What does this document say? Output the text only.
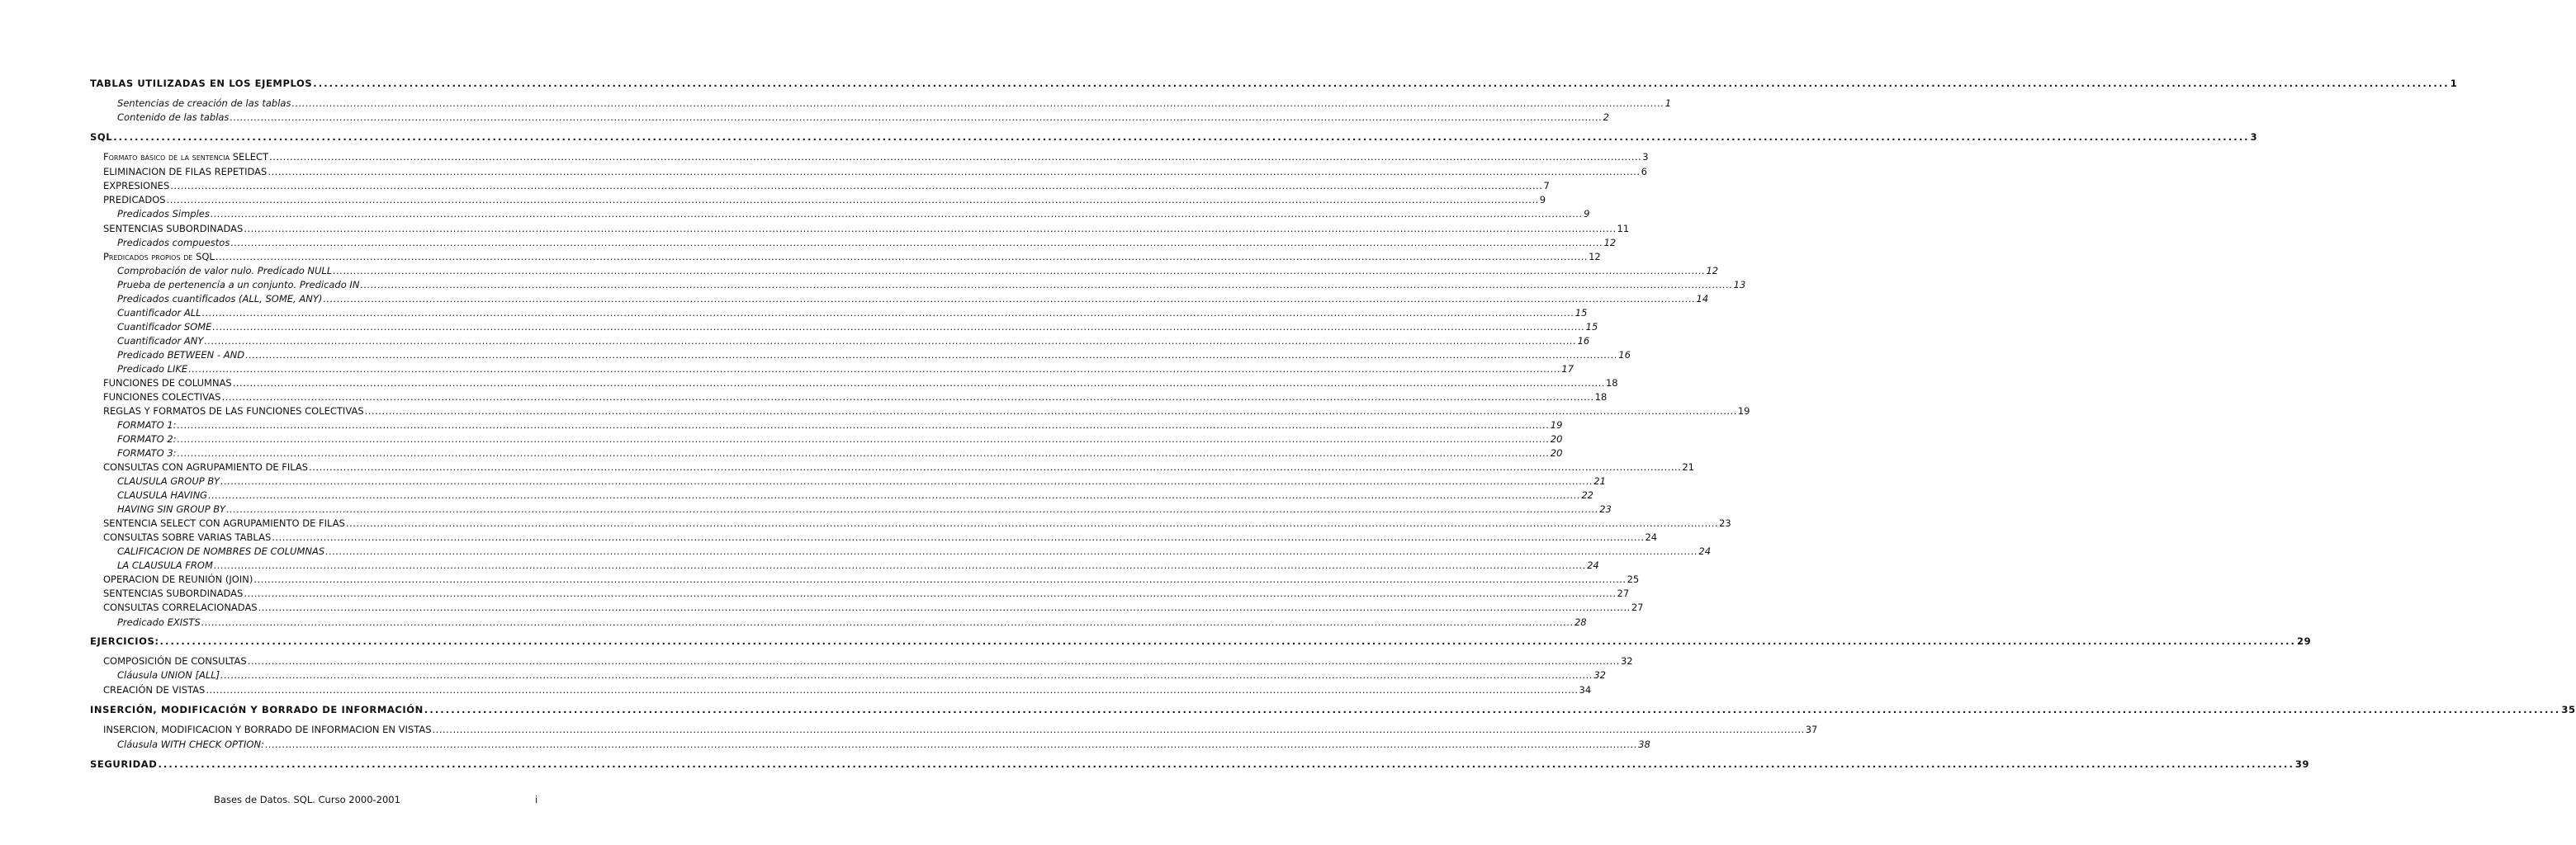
TABLAS UTILIZADAS EN LOS EJEMPLOS ................................................................................................................................................................................................................................................................................................................................................................................................................ 1
Sentencias de creación de las tablas ................................................................................................................................................................................................................................................................................................................................................................................................................ 1
Contenido de las tablas ................................................................................................................................................................................................................................................................................................................................................................................................................ 2
SQL ................................................................................................................................................................................................................................................................................................................................................................................................................ 3
Formato básico de la sentencia SELECT ................................................................................................................................................................................................................................................................................................................................................................................................................ 3
ELIMINACION DE FILAS REPETIDAS ................................................................................................................................................................................................................................................................................................................................................................................................................ 6
EXPRESIONES ................................................................................................................................................................................................................................................................................................................................................................................................................ 7
PREDICADOS ................................................................................................................................................................................................................................................................................................................................................................................................................ 9
Predicados Simples ................................................................................................................................................................................................................................................................................................................................................................................................................ 9
SENTENCIAS SUBORDINADAS ................................................................................................................................................................................................................................................................................................................................................................................................................ 11
Predicados compuestos ................................................................................................................................................................................................................................................................................................................................................................................................................ 12
Predicados propios de SQL ................................................................................................................................................................................................................................................................................................................................................................................................................ 12
Comprobación de valor nulo. Predicado NULL ................................................................................................................................................................................................................................................................................................................................................................................................................ 12
Prueba de pertenencia a un conjunto. Predicado IN ................................................................................................................................................................................................................................................................................................................................................................................................................ 13
Predicados cuantificados (ALL, SOME, ANY) ................................................................................................................................................................................................................................................................................................................................................................................................................ 14
Cuantificador ALL ................................................................................................................................................................................................................................................................................................................................................................................................................ 15
Cuantificador SOME ................................................................................................................................................................................................................................................................................................................................................................................................................ 15
Cuantificador ANY ................................................................................................................................................................................................................................................................................................................................................................................................................ 16
Predicado BETWEEN - AND ................................................................................................................................................................................................................................................................................................................................................................................................................ 16
Predicado LIKE ................................................................................................................................................................................................................................................................................................................................................................................................................ 17
FUNCIONES DE COLUMNAS ................................................................................................................................................................................................................................................................................................................................................................................................................ 18
FUNCIONES COLECTIVAS ................................................................................................................................................................................................................................................................................................................................................................................................................ 18
REGLAS Y FORMATOS DE LAS FUNCIONES COLECTIVAS ................................................................................................................................................................................................................................................................................................................................................................................................................ 19
FORMATO 1: ................................................................................................................................................................................................................................................................................................................................................................................................................ 19
FORMATO 2: ................................................................................................................................................................................................................................................................................................................................................................................................................ 20
FORMATO 3: ................................................................................................................................................................................................................................................................................................................................................................................................................ 20
CONSULTAS CON AGRUPAMIENTO DE FILAS ................................................................................................................................................................................................................................................................................................................................................................................................................ 21
CLAUSULA GROUP BY ................................................................................................................................................................................................................................................................................................................................................................................................................ 21
CLAUSULA HAVING ................................................................................................................................................................................................................................................................................................................................................................................................................ 22
HAVING SIN GROUP BY ................................................................................................................................................................................................................................................................................................................................................................................................................ 23
SENTENCIA SELECT CON AGRUPAMIENTO DE FILAS ................................................................................................................................................................................................................................................................................................................................................................................................................ 23
CONSULTAS SOBRE VARIAS TABLAS ................................................................................................................................................................................................................................................................................................................................................................................................................ 24
CALIFICACION DE NOMBRES DE COLUMNAS ................................................................................................................................................................................................................................................................................................................................................................................................................ 24
LA CLAUSULA FROM ................................................................................................................................................................................................................................................................................................................................................................................................................ 24
OPERACION DE REUNIÓN (JOIN) ................................................................................................................................................................................................................................................................................................................................................................................................................ 25
SENTENCIAS SUBORDINADAS ................................................................................................................................................................................................................................................................................................................................................................................................................ 27
CONSULTAS CORRELACIONADAS ................................................................................................................................................................................................................................................................................................................................................................................................................ 27
Predicado EXISTS ................................................................................................................................................................................................................................................................................................................................................................................................................ 28
EJERCICIOS: ................................................................................................................................................................................................................................................................................................................................................................................................................ 29
COMPOSICIÓN DE CONSULTAS ................................................................................................................................................................................................................................................................................................................................................................................................................ 32
Cláusula UNION [ALL] ................................................................................................................................................................................................................................................................................................................................................................................................................ 32
CREACIÓN DE VISTAS ................................................................................................................................................................................................................................................................................................................................................................................................................ 34
INSERCIÓN, MODIFICACIÓN Y BORRADO DE INFORMACIÓN ................................................................................................................................................................................................................................................................................................................................................................................................................ 35
INSERCION, MODIFICACION Y BORRADO DE INFORMACION EN VISTAS ................................................................................................................................................................................................................................................................................................................................................................................................................ 37
Cláusula WITH CHECK OPTION: ................................................................................................................................................................................................................................................................................................................................................................................................................ 38
SEGURIDAD ................................................................................................................................................................................................................................................................................................................................................................................................................ 39
Bases de Datos. SQL. Curso 2000-2001	i
